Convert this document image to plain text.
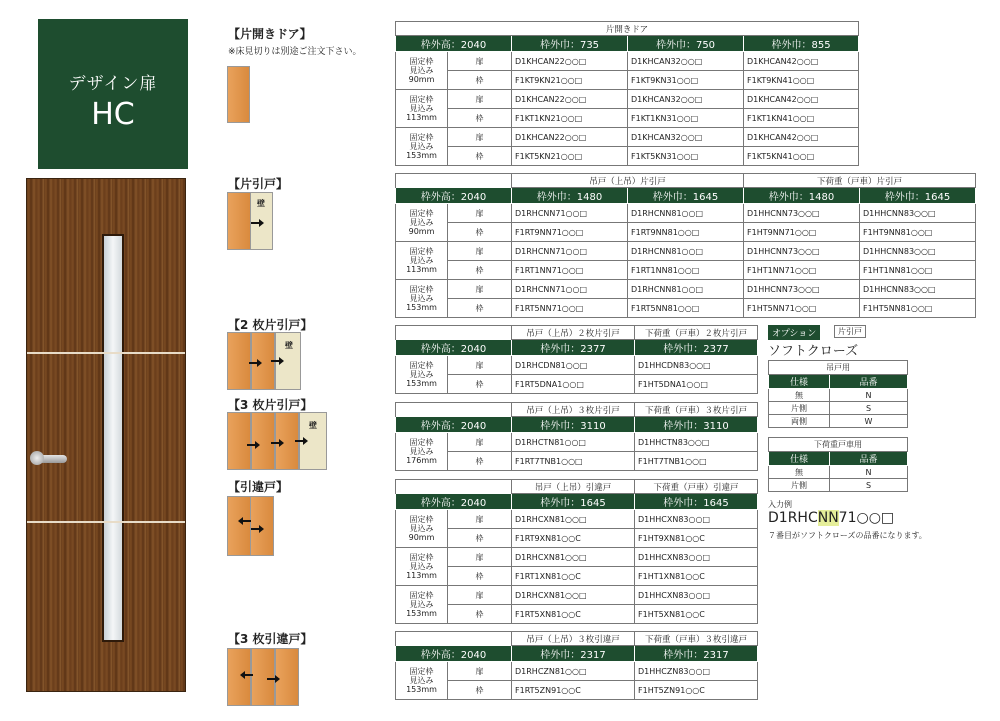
デザイン扉
HC
【片開きドア】
※床見切りは別途ご注文下さい。
【片引戸】
壁
【2 枚片引戸】
壁
【3 枚片引戸】
壁
【引違戸】
【3 枚引違戸】
片開きドア				
枠外高：2040		枠外巾：735	枠外巾：750	枠外巾：855
固定枠
見込み
90mm	扉	D1KHCAN22○○□	D1KHCAN32○○□	D1KHCAN42○○□
	枠	F1KT9KN21○○□	F1KT9KN31○○□	F1KT9KN41○○□
固定枠
見込み
113mm	扉	D1KHCAN22○○□	D1KHCAN32○○□	D1KHCAN42○○□
	枠	F1KT1KN21○○□	F1KT1KN31○○□	F1KT1KN41○○□
固定枠
見込み
153mm	扉	D1KHCAN22○○□	D1KHCAN32○○□	D1KHCAN42○○□
	枠	F1KT5KN21○○□	F1KT5KN31○○□	F1KT5KN41○○□
		吊戸（上吊）片引戸		下荷重（戸車）片引戸	
枠外高：2040		枠外巾：1480	枠外巾：1645	枠外巾：1480	枠外巾：1645
固定枠
見込み
90mm	扉	D1RHCNN71○○□	D1RHCNN81○○□	D1HHCNN73○○□	D1HHCNN83○○□
	枠	F1RT9NN71○○□	F1RT9NN81○○□	F1HT9NN71○○□	F1HT9NN81○○□
固定枠
見込み
113mm	扉	D1RHCNN71○○□	D1RHCNN81○○□	D1HHCNN73○○□	D1HHCNN83○○□
	枠	F1RT1NN71○○□	F1RT1NN81○○□	F1HT1NN71○○□	F1HT1NN81○○□
固定枠
見込み
153mm	扉	D1RHCNN71○○□	D1RHCNN81○○□	D1HHCNN73○○□	D1HHCNN83○○□
	枠	F1RT5NN71○○□	F1RT5NN81○○□	F1HT5NN71○○□	F1HT5NN81○○□
		吊戸（上吊）２枚片引戸	下荷重（戸車）２枚片引戸
枠外高：2040		枠外巾：2377	枠外巾：2377
固定枠
見込み
153mm	扉	D1RHCDN81○○□	D1HHCDN83○○□
	枠	F1RT5DNA1○○□	F1HT5DNA1○○□
		吊戸（上吊）３枚片引戸	下荷重（戸車）３枚片引戸
枠外高：2040		枠外巾：3110	枠外巾：3110
固定枠
見込み
176mm	扉	D1RHCTN81○○□	D1HHCTN83○○□
	枠	F1RT7TNB1○○□	F1HT7TNB1○○□
		吊戸（上吊）引違戸	下荷重（戸車）引違戸
枠外高：2040		枠外巾：1645	枠外巾：1645
固定枠
見込み
90mm	扉	D1RHCXN81○○□	D1HHCXN83○○□
	枠	F1RT9XN81○○C	F1HT9XN81○○C
固定枠
見込み
113mm	扉	D1RHCXN81○○□	D1HHCXN83○○□
	枠	F1RT1XN81○○C	F1HT1XN81○○C
固定枠
見込み
153mm	扉	D1RHCXN81○○□	D1HHCXN83○○□
	枠	F1RT5XN81○○C	F1HT5XN81○○C
		吊戸（上吊）３枚引違戸	下荷重（戸車）３枚引違戸
枠外高：2040		枠外巾：2317	枠外巾：2317
固定枠
見込み
153mm	扉	D1RHCZN81○○□	D1HHCZN83○○□
	枠	F1RT5ZN91○○C	F1HT5ZN91○○C
オプション	片引戸
ソフトクローズ
吊戸用	
仕様	品番
無	N
片側	S
両側	W
下荷重戸車用	
仕様	品番
無	N
片側	S
入力例
D1RHCNN71○○□
７番目がソフトクローズの品番になります。
